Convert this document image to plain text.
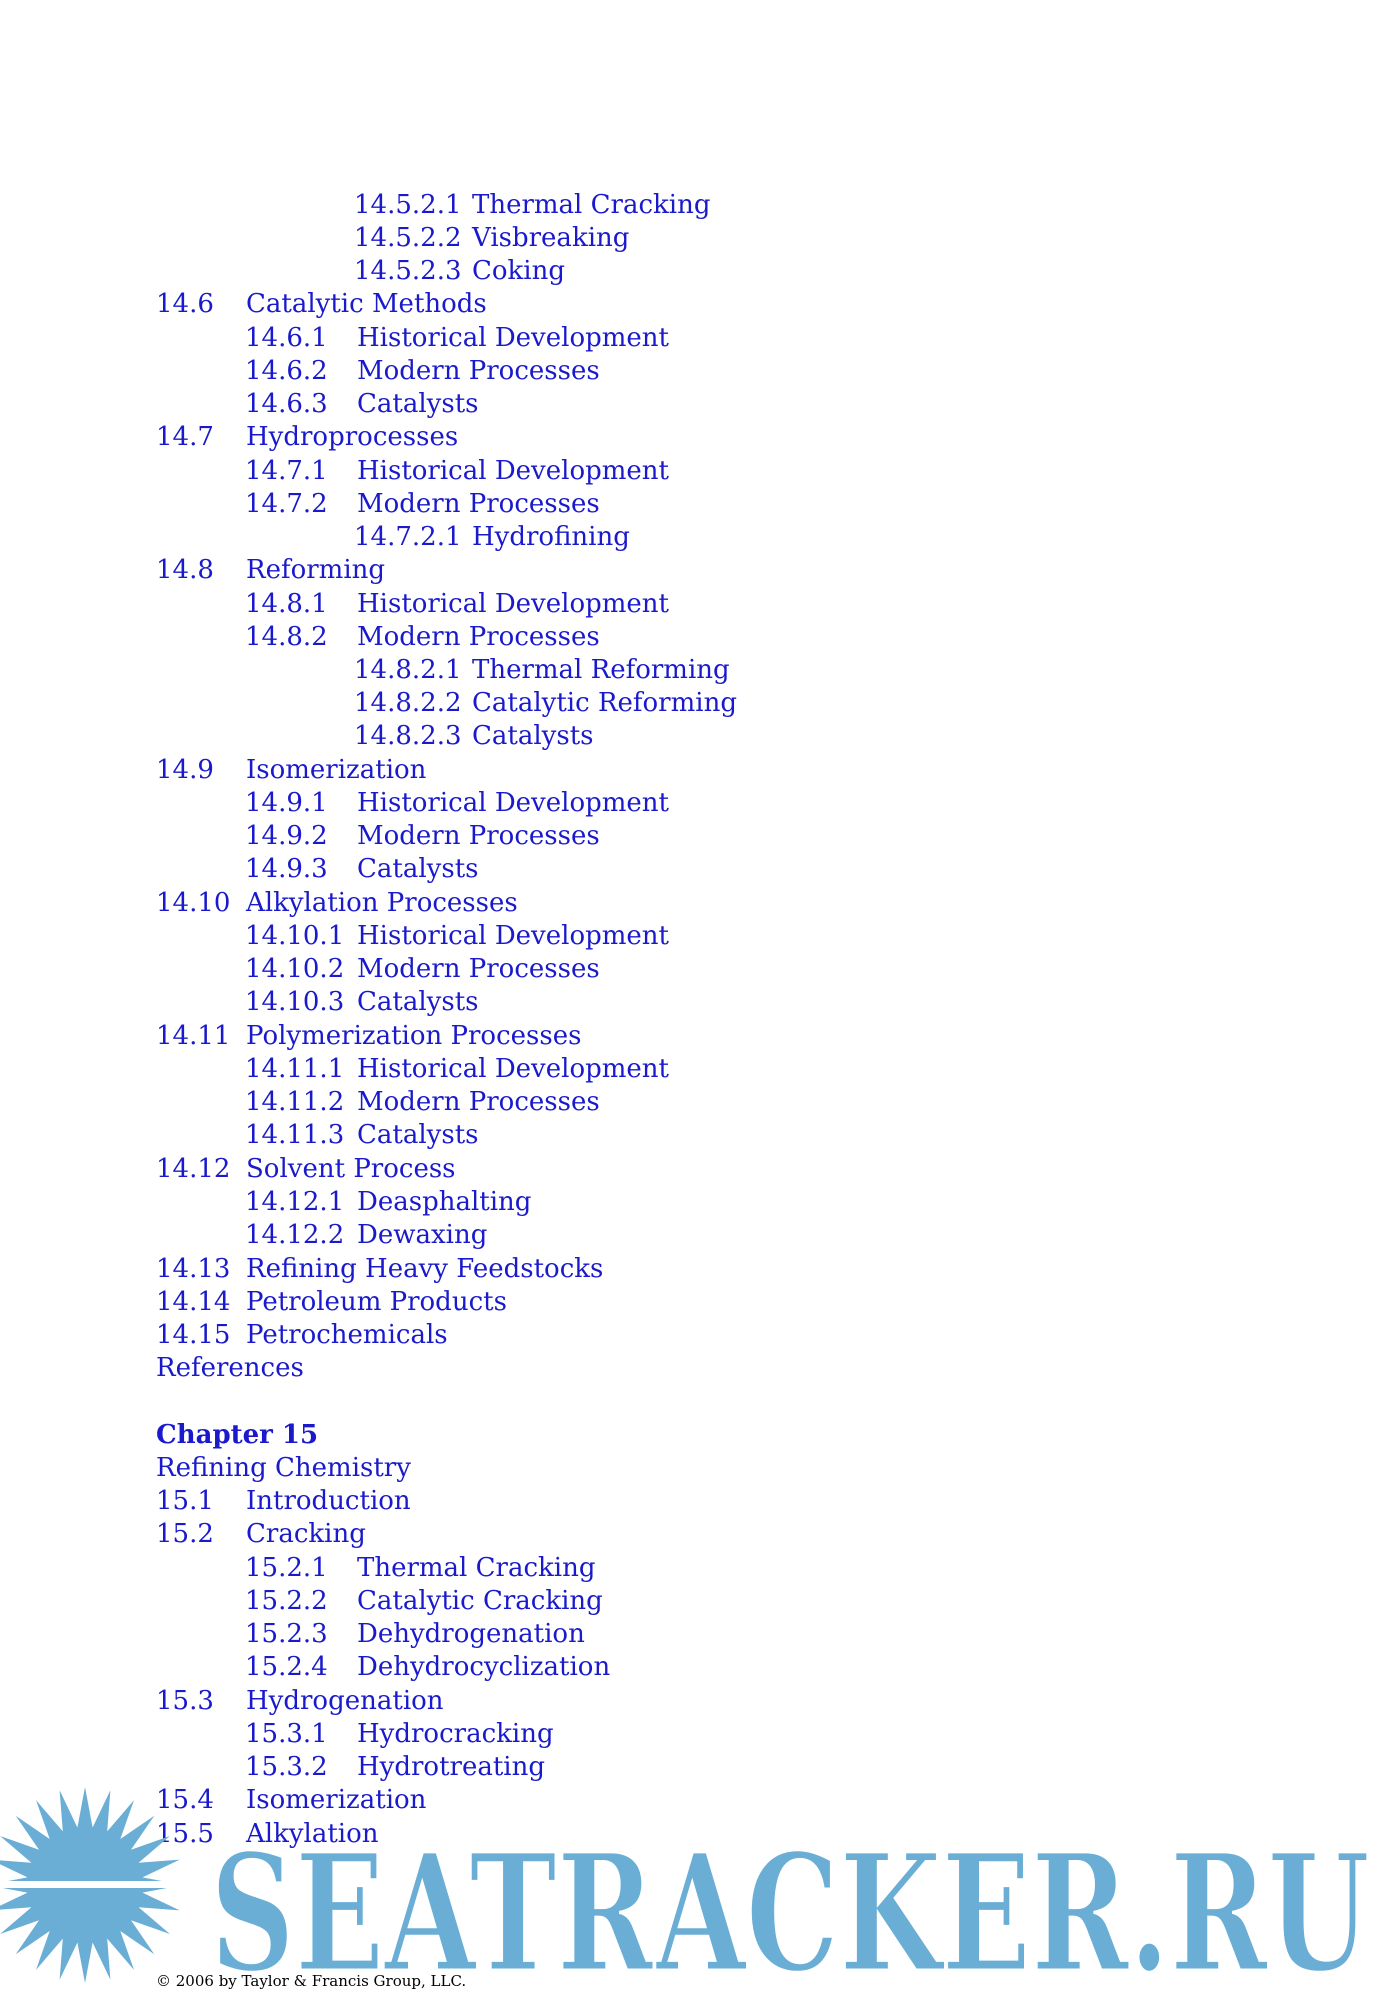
14.5.2.1 Thermal Cracking
14.5.2.2 Visbreaking
14.5.2.3 Coking
14.6 Catalytic Methods
14.6.1 Historical Development
14.6.2 Modern Processes
14.6.3 Catalysts
14.7 Hydroprocesses
14.7.1 Historical Development
14.7.2 Modern Processes
14.7.2.1 Hydrofining
14.8 Reforming
14.8.1 Historical Development
14.8.2 Modern Processes
14.8.2.1 Thermal Reforming
14.8.2.2 Catalytic Reforming
14.8.2.3 Catalysts
14.9 Isomerization
14.9.1 Historical Development
14.9.2 Modern Processes
14.9.3 Catalysts
14.10 Alkylation Processes
14.10.1 Historical Development
14.10.2 Modern Processes
14.10.3 Catalysts
14.11 Polymerization Processes
14.11.1 Historical Development
14.11.2 Modern Processes
14.11.3 Catalysts
14.12 Solvent Process
14.12.1 Deasphalting
14.12.2 Dewaxing
14.13 Refining Heavy Feedstocks
14.14 Petroleum Products
14.15 Petrochemicals
References
Chapter 15
Refining Chemistry
15.1 Introduction
15.2 Cracking
15.2.1 Thermal Cracking
15.2.2 Catalytic Cracking
15.2.3 Dehydrogenation
15.2.4 Dehydrocyclization
15.3 Hydrogenation
15.3.1 Hydrocracking
15.3.2 Hydrotreating
15.4 Isomerization
15.5 Alkylation
SEATRACKER.RU
© 2006 by Taylor & Francis Group, LLC.
